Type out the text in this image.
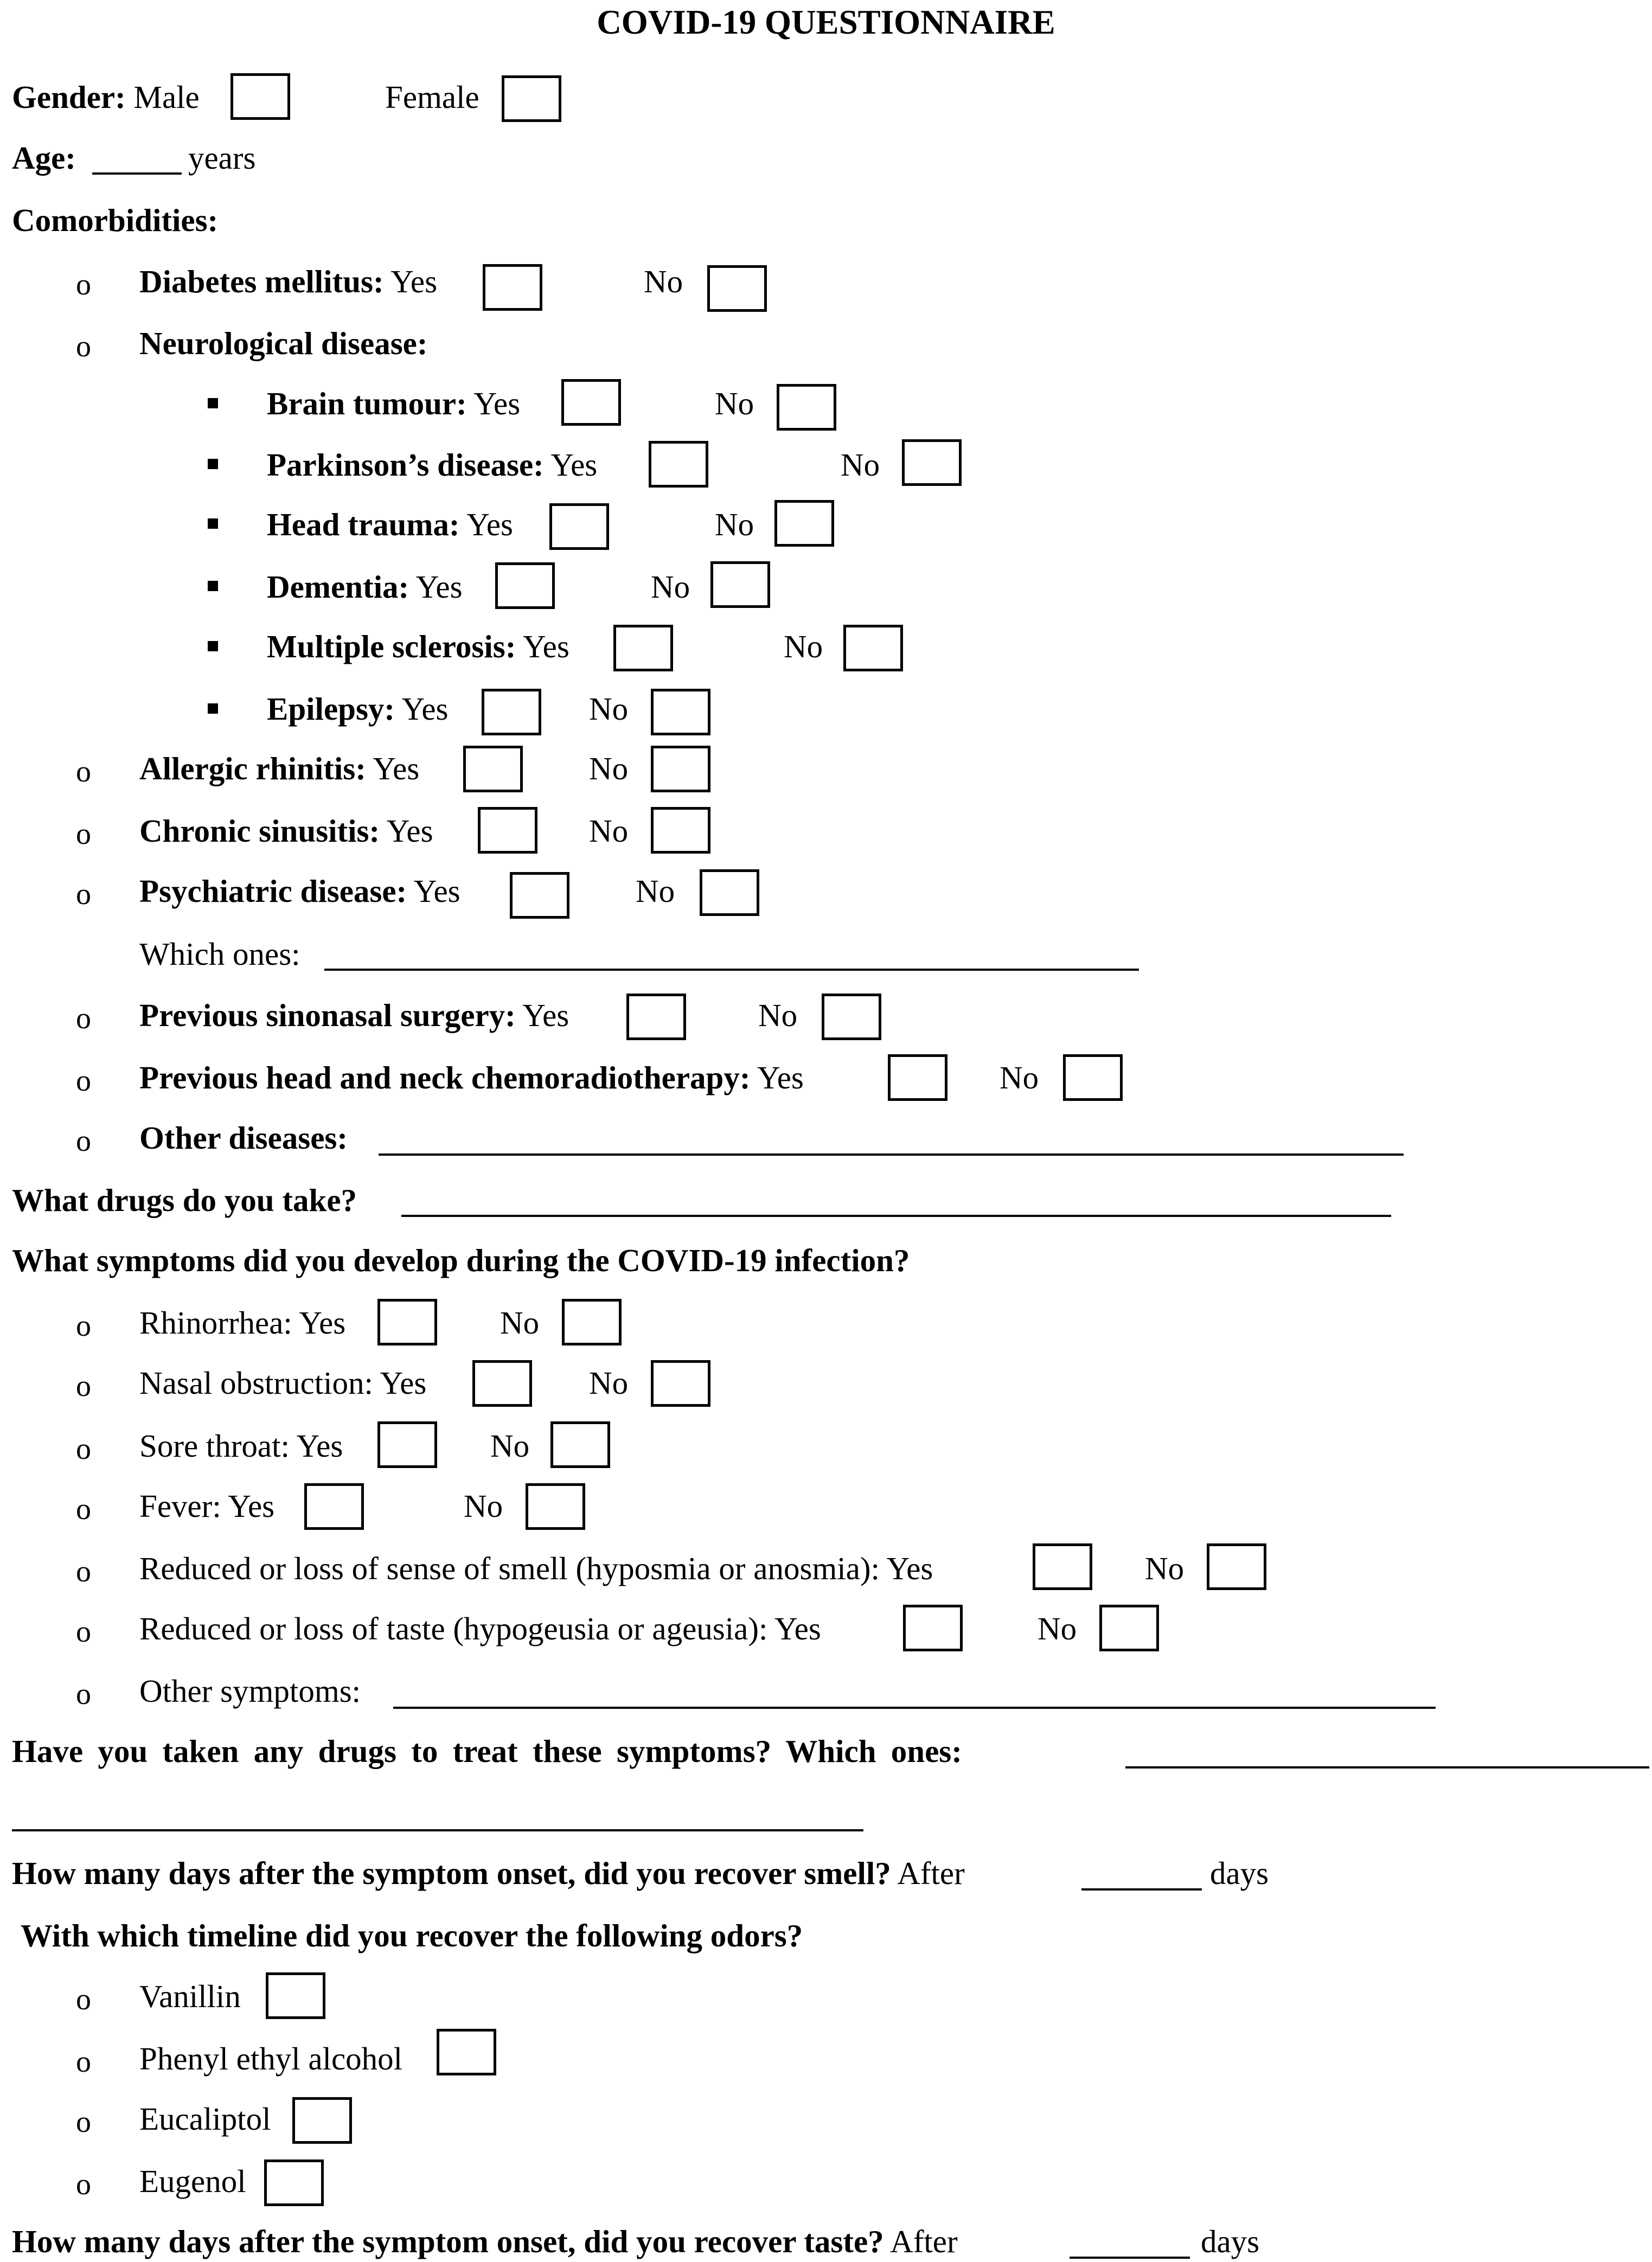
COVID-19 QUESTIONNAIRE
Gender: Male	Female
Age:	years
Comorbidities:
o Diabetes mellitus: Yes	No
o Neurological disease:
Brain tumour: Yes	No
Parkinson’s disease: Yes	No
Head trauma: Yes	No
Dementia: Yes	No
Multiple sclerosis: Yes	No
Epilepsy: Yes	No
o Allergic rhinitis: Yes	No
o Chronic sinusitis: Yes	No
o Psychiatric disease: Yes	No
Which ones:
o Previous sinonasal surgery: Yes	No
o Previous head and neck chemoradiotherapy: Yes	No
o Other diseases:
What drugs do you take?
What symptoms did you develop during the COVID-19 infection?
o Rhinorrhea: Yes	No
o Nasal obstruction: Yes	No
o Sore throat: Yes	No
o Fever: Yes	No
o Reduced or loss of sense of smell (hyposmia or anosmia): Yes	No
o Reduced or loss of taste (hypogeusia or ageusia): Yes	No
o Other symptoms:
Have you taken any drugs to treat these symptoms? Which ones:
How many days after the symptom onset, did you recover smell? After	days
With which timeline did you recover the following odors?
o Vanillin
o Phenyl ethyl alcohol
o Eucaliptol
o Eugenol
How many days after the symptom onset, did you recover taste? After	days
